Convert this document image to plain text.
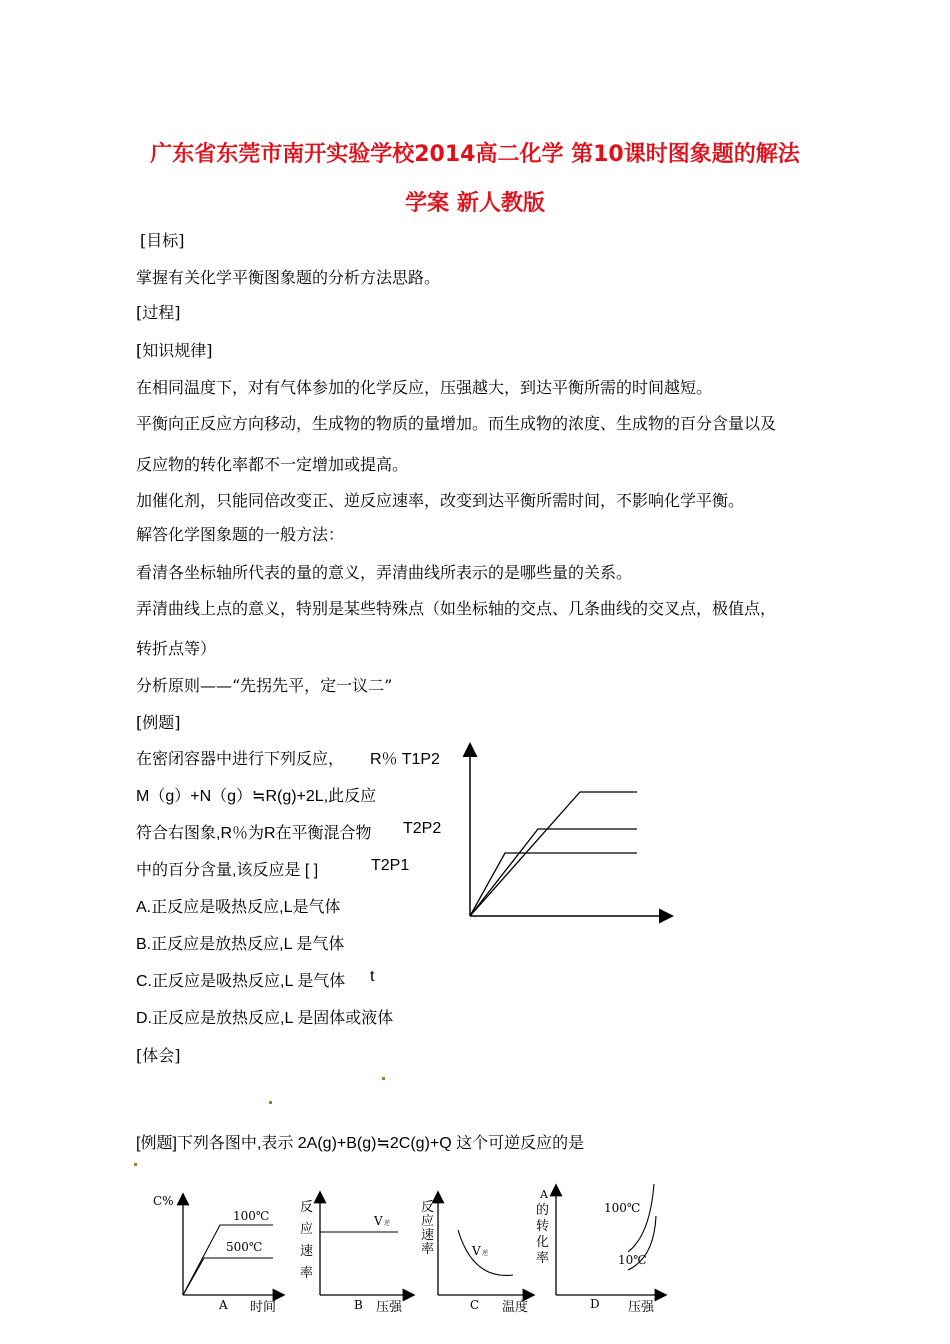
广东省东莞市南开实验学校2014高二化学 第10课时图象题的解法
学案 新人教版
[目标]
掌握有关化学平衡图象题的分析方法思路。
[过程]
[知识规律]
在相同温度下，对有气体参加的化学反应，压强越大，到达平衡所需的时间越短。
平衡向正反应方向移动，生成物的物质的量增加。而生成物的浓度、生成物的百分含量以及
反应物的转化率都不一定增加或提高。
加催化剂，只能同倍改变正、逆反应速率，改变到达平衡所需时间，不影响化学平衡。
解答化学图象题的一般方法：
看清各坐标轴所代表的量的意义，弄清曲线所表示的是哪些量的关系。
弄清曲线上点的意义，特别是某些特殊点（如坐标轴的交点、几条曲线的交叉点，极值点，
转折点等）
分析原则——“先拐先平，定一议二”
[例题]
在密闭容器中进行下列反应， R％ T1P2
M（g）+N（g）≒R(g)+2L,此反应
符合右图象,R％为R在平衡混合物 T2P2
中的百分含量,该反应是 [ ]	T2P1
A.正反应是吸热反应,L是气体
B.正反应是放热反应,L 是气体
C.正反应是吸热反应,L 是气体 t
D.正反应是放热反应,L 是固体或液体
[体会]
[例题]下列各图中,表示 2A(g)+B(g)≒2C(g)+Q 这个可逆反应的是
C%
100℃
500℃
A 时间
反
应
速
率
V 逆
B 压强
反
应
速
率	V 逆
C 温度
A
的
转
化
率
100℃
10℃
D 压强
